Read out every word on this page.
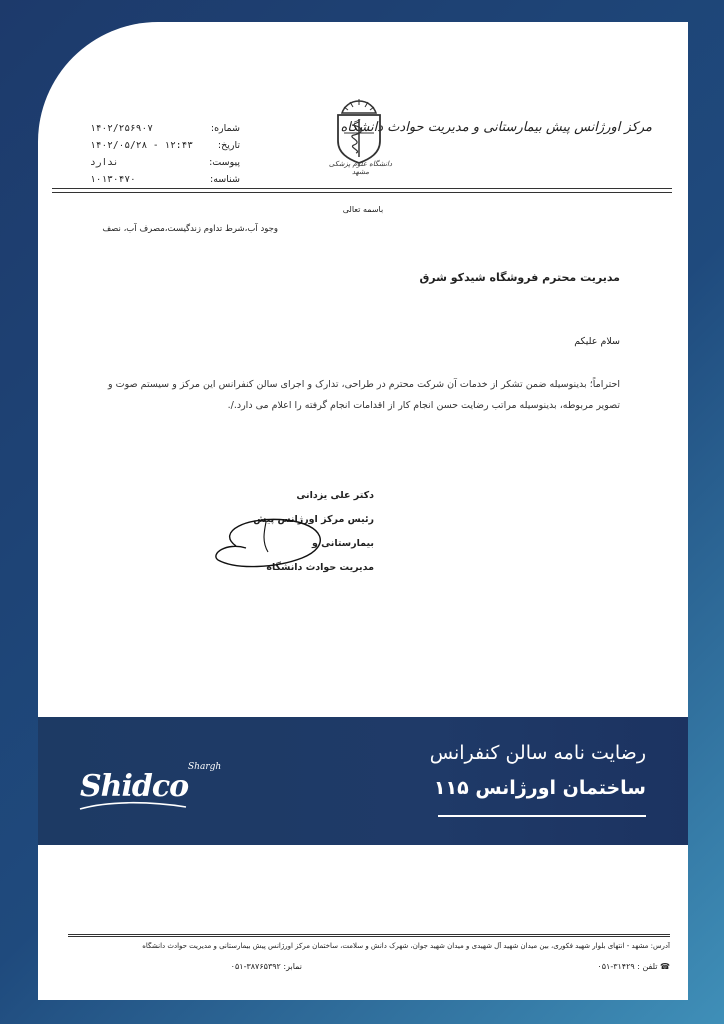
مرکز اورژانس پیش بیمارستانی و مدیریت حوادث دانشگاه
دانشگاه علوم پزشکی مشهد
۱۴۰۲/۲۵۶۹۰۷	شماره:
۱۴۰۲/۰۵/۲۸ - ۱۲:۴۳	تاریخ:
ندارد	پیوست:
۱۰۱۳۰۴۷۰	شناسه:
باسمه تعالی
وجود آب،شرط تداوم زندگیست،مصرف آب، نصف
مدیریت محترم فروشگاه شیدکو شرق
سلام علیکم
احتراماً؛ بدینوسیله ضمن تشکر از خدمات آن شرکت محترم در طراحی، تدارک و اجرای سالن کنفرانس این مرکز و سیستم صوت و تصویر مربوطه، بدینوسیله مراتب رضایت حسن انجام کار از اقدامات انجام گرفته را اعلام می دارد./.
دکتر علی یزدانی
رئیس مرکز اورژانس پیش بیمارستانی و
مدیریت حوادث دانشگاه
رضایت نامه سالن کنفرانس
ساختمان اورژانس ۱۱۵
Shidco
Shargh
آدرس: مشهد - انتهای بلوار شهید فکوری، بین میدان شهید آل شهیدی و میدان شهید جوان، شهرک دانش و سلامت، ساختمان مرکز اورژانس پیش بیمارستانی و مدیریت حوادث دانشگاه
☎ تلفن : ۳۱۴۲۹-۰۵۱
نمابر: ۳۸۷۶۵۳۹۲-۰۵۱
